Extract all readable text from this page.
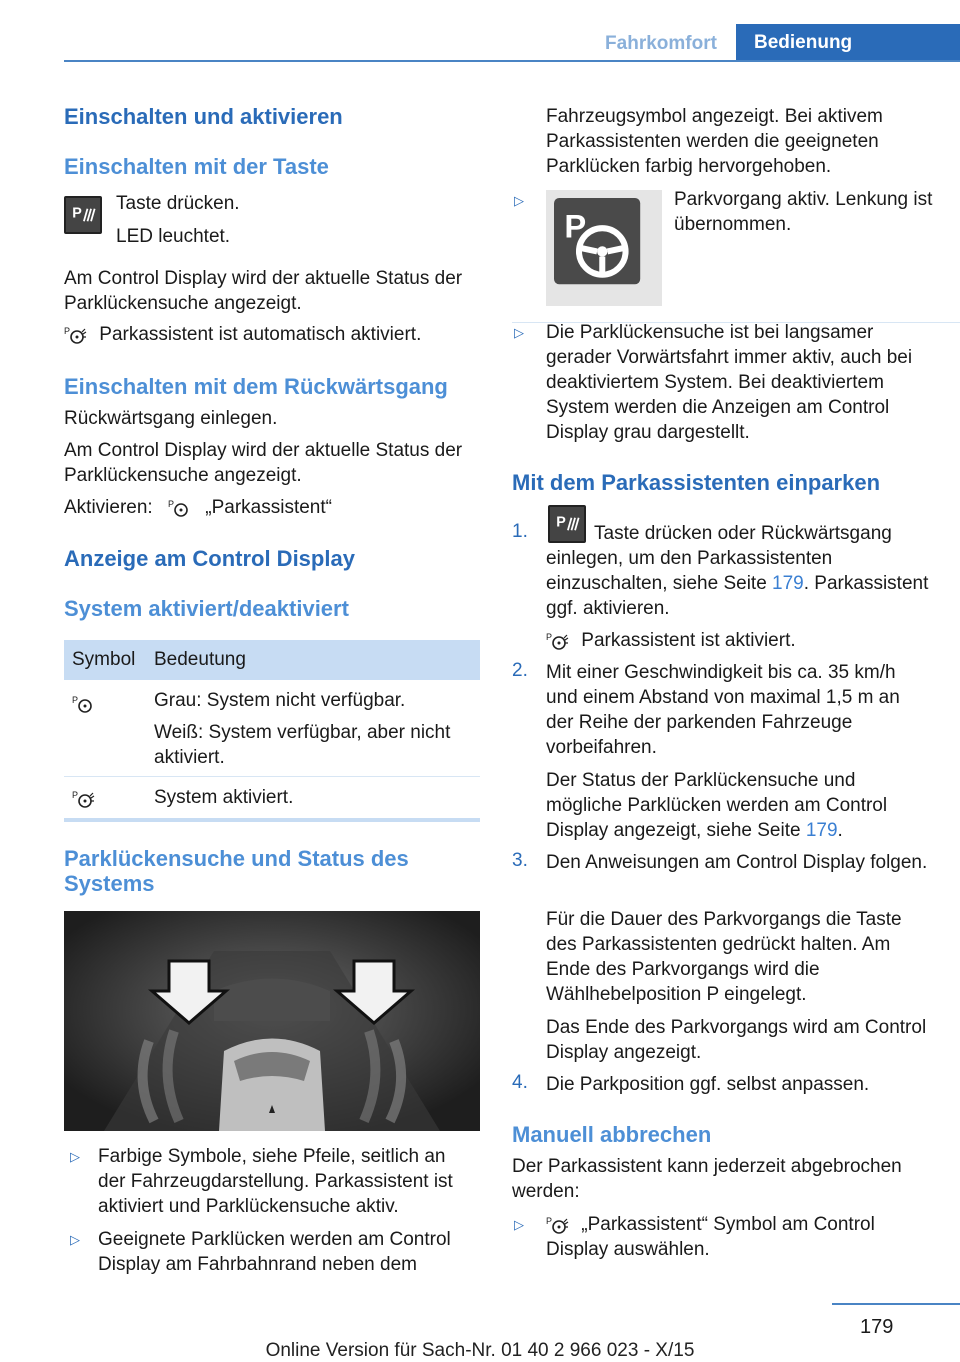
Fahrkomfort	Bedienung
Einschalten und aktivieren
Einschalten mit der Taste
P Taste drücken.
LED leuchtet.
Am Control Display wird der aktuelle Status der Parklückensuche angezeigt.
P Parkassistent ist automatisch aktiviert.
Einschalten mit dem Rückwärtsgang
Rückwärtsgang einlegen.
Am Control Display wird der aktuelle Status der Parklückensuche angezeigt.
Aktivieren: P „Parkassistent“
Anzeige am Control Display
System aktiviert/deaktiviert
Symbol Bedeutung
P	Grau: System nicht verfügbar.
Weiß: System verfügbar, aber nicht aktiviert.
P	System aktiviert.
Parklückensuche und Status des Systems
▷ Farbige Symbole, siehe Pfeile, seitlich an der Fahrzeugdarstellung. Parkassistent ist aktiviert und Parklückensuche aktiv.
▷ Geeignete Parklücken werden am Control Display am Fahrbahnrand neben dem
Fahrzeugsymbol angezeigt. Bei aktivem Parkassistenten werden die geeigneten Parklücken farbig hervorgehoben.
▷
P
Parkvorgang aktiv. Lenkung ist übernommen.
▷ Die Parklückensuche ist bei langsamer gerader Vorwärtsfahrt immer aktiv, auch bei deaktiviertem System. Bei deaktiviertem System werden die Anzeigen am Control Display grau dargestellt.
Mit dem Parkassistenten einparken
1. P
Taste drücken oder Rückwärtsgang einlegen, um den Parkassistenten einzuschalten, siehe Seite 179. Parkassistent ggf. aktivieren.
P Parkassistent ist aktiviert.
2. Mit einer Geschwindigkeit bis ca. 35 km/h und einem Abstand von maximal 1,5 m an der Reihe der parkenden Fahrzeuge vorbeifahren.
Der Status der Parklückensuche und mögliche Parklücken werden am Control Display angezeigt, siehe Seite 179.
3. Den Anweisungen am Control Display folgen.
Für die Dauer des Parkvorgangs die Taste des Parkassistenten gedrückt halten. Am Ende des Parkvorgangs wird die Wählhebelposition P eingelegt.
Das Ende des Parkvorgangs wird am Control Display angezeigt.
4. Die Parkposition ggf. selbst anpassen.
Manuell abbrechen
Der Parkassistent kann jederzeit abgebrochen werden:
▷ P „Parkassistent“ Symbol am Control Display auswählen.
179
Online Version für Sach-Nr. 01 40 2 966 023 - X/15
